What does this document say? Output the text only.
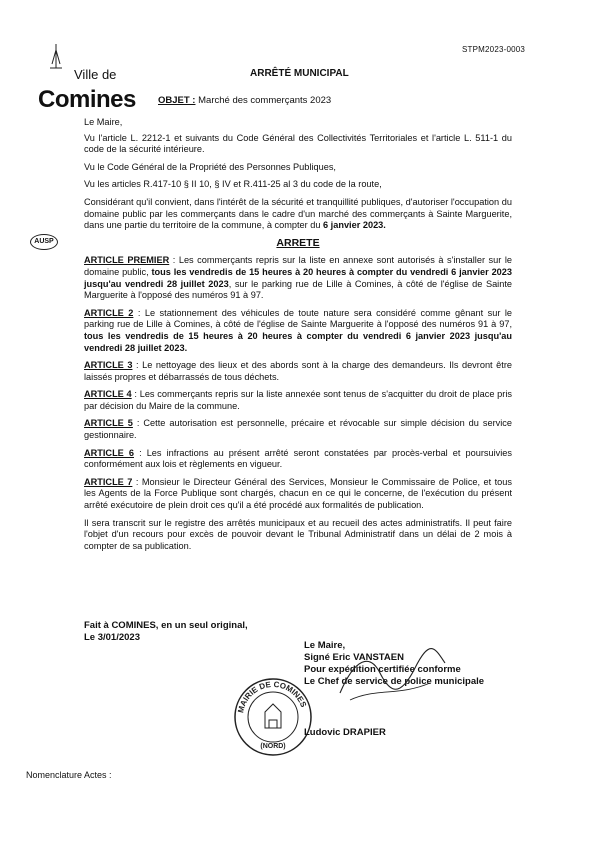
STPM2023-0003
Ville de
Comines
ARRÊTÉ MUNICIPAL
OBJET : Marché des commerçants 2023
AUSP

Le Maire,

Vu l'article L. 2212-1 et suivants du Code Général des Collectivités Territoriales et l'article L. 511-1 du code de la sécurité intérieure.

Vu le Code Général de la Propriété des Personnes Publiques,

Vu les articles R.417-10 § II 10, § IV et R.411-25 al 3 du code de la route,

Considérant qu'il convient, dans l'intérêt de la sécurité et tranquillité publiques, d'autoriser l'occupation du domaine public par les commerçants dans le cadre d'un marché des commerçants à Sainte Marguerite, dans une partie du territoire de la commune, à compter du 6 janvier 2023.

ARRETE

ARTICLE PREMIER : Les commerçants repris sur la liste en annexe sont autorisés à s'installer sur le domaine public, tous les vendredis de 15 heures à 20 heures à compter du vendredi 6 janvier 2023 jusqu'au vendredi 28 juillet 2023, sur le parking rue de Lille à Comines, à côté de l'église de Sainte Marguerite à l'opposé des numéros 91 à 97.

ARTICLE 2 : Le stationnement des véhicules de toute nature sera considéré comme gênant sur le parking rue de Lille à Comines, à côté de l'église de Sainte Marguerite à l'opposé des numéros 91 à 97, tous les vendredis de 15 heures à 20 heures à compter du vendredi 6 janvier 2023 jusqu'au vendredi 28 juillet 2023.

ARTICLE 3 : Le nettoyage des lieux et des abords sont à la charge des demandeurs. Ils devront être laissés propres et débarrassés de tous déchets.

ARTICLE 4 : Les commerçants repris sur la liste annexée sont tenus de s'acquitter du droit de place pris par décision du Maire de la commune.

ARTICLE 5 : Cette autorisation est personnelle, précaire et révocable sur simple décision du service gestionnaire.

ARTICLE 6 : Les infractions au présent arrêté seront constatées par procès-verbal et poursuivies conformément aux lois et règlements en vigueur.

ARTICLE 7 : Monsieur le Directeur Général des Services, Monsieur le Commissaire de Police, et tous les Agents de la Force Publique sont chargés, chacun en ce qui le concerne, de l'exécution du présent arrêté exécutoire de plein droit ces qu'il a été procédé aux formalités de publication.

Il sera transcrit sur le registre des arrêtés municipaux et au recueil des actes administratifs. Il peut faire l'objet d'un recours pour excès de pouvoir devant le Tribunal Administratif dans un délai de 2 mois à compter de sa publication.

Fait à COMINES, en un seul original,
Le 3/01/2023
Le Maire,
Signé Eric VANSTAEN
Pour expédition certifiée conforme
Le Chef de service de police municipale
MAIRIE DE COMINES
(NORD)
Ludovic DRAPIER
Nomenclature Actes :
